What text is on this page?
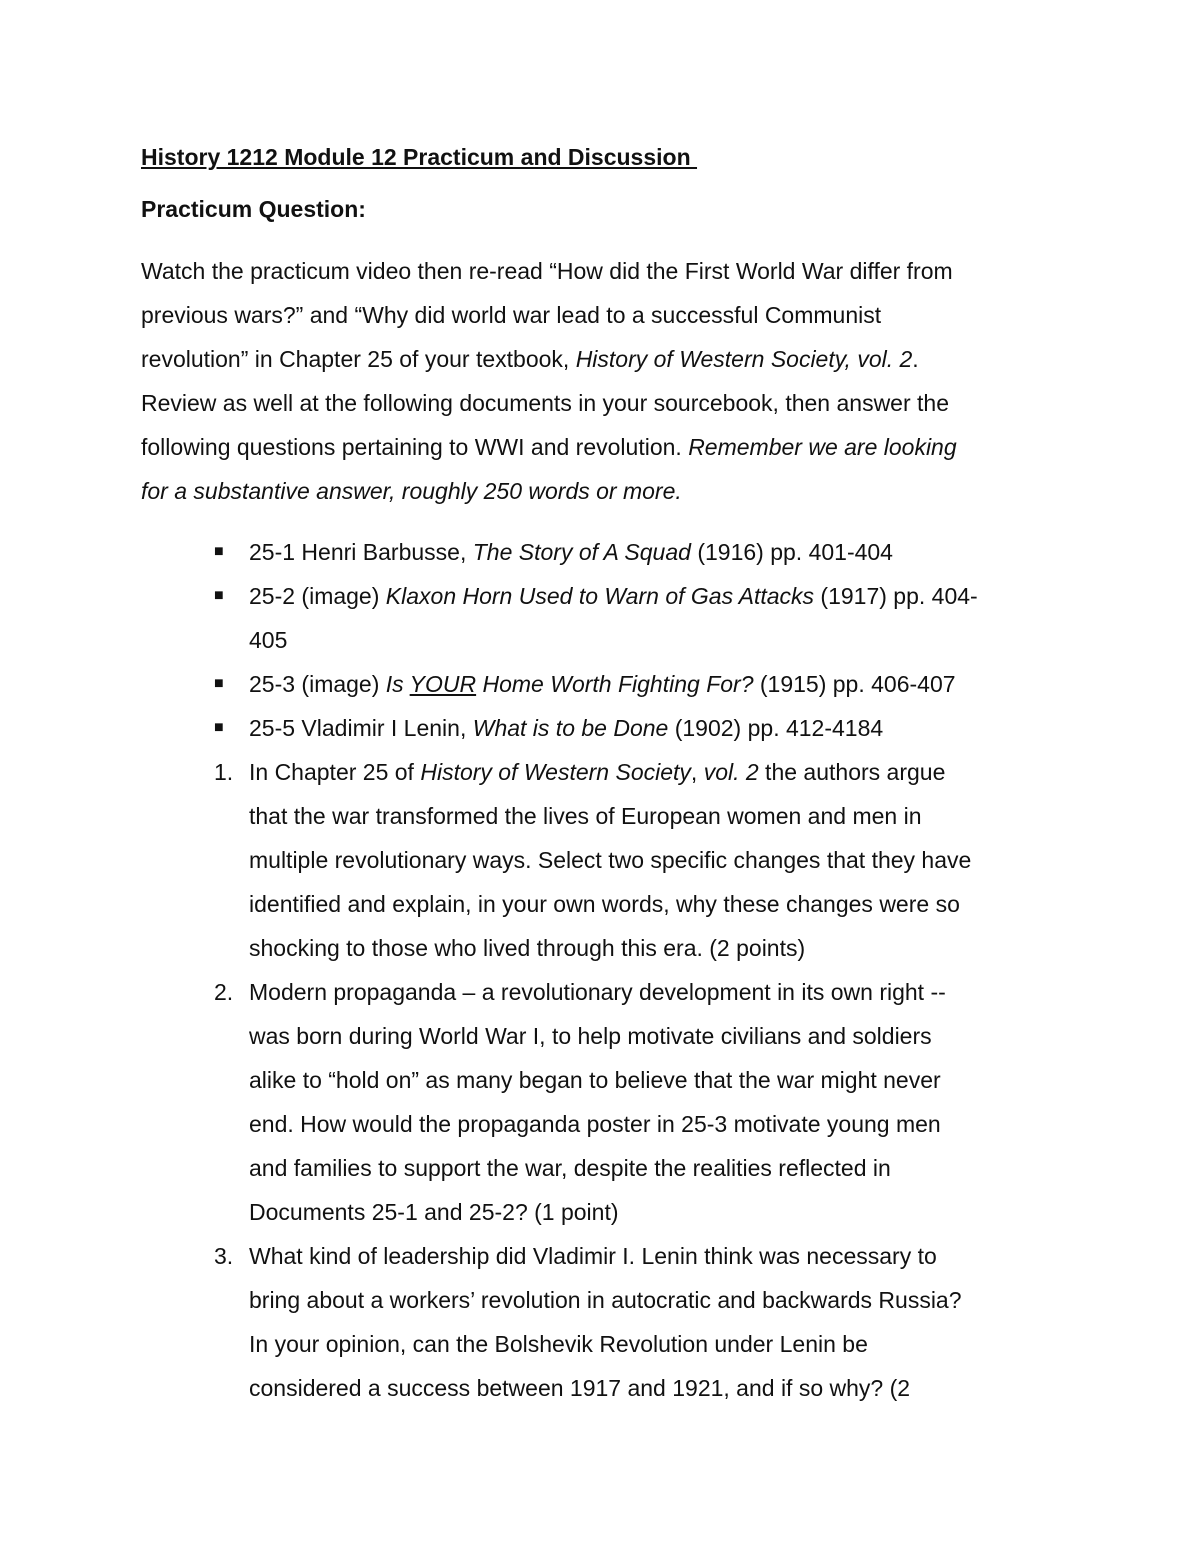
History 1212 Module 12 Practicum and Discussion
Practicum Question:
Watch the practicum video then re-read “How did the First World War differ from
previous wars?” and “Why did world war lead to a successful Communist
revolution” in Chapter 25 of your textbook, History of Western Society, vol. 2.
Review as well at the following documents in your sourcebook, then answer the
following questions pertaining to WWI and revolution. Remember we are looking
for a substantive answer, roughly 250 words or more.
■ 25-1 Henri Barbusse, The Story of A Squad (1916) pp. 401-404
■ 25-2 (image) Klaxon Horn Used to Warn of Gas Attacks (1917) pp. 404-
405
■ 25-3 (image) Is YOUR Home Worth Fighting For? (1915) pp. 406-407
■ 25-5 Vladimir I Lenin, What is to be Done (1902) pp. 412-4184
1. In Chapter 25 of History of Western Society, vol. 2 the authors argue
that the war transformed the lives of European women and men in
multiple revolutionary ways. Select two specific changes that they have
identified and explain, in your own words, why these changes were so
shocking to those who lived through this era. (2 points)
2. Modern propaganda – a revolutionary development in its own right --
was born during World War I, to help motivate civilians and soldiers
alike to “hold on” as many began to believe that the war might never
end. How would the propaganda poster in 25-3 motivate young men
and families to support the war, despite the realities reflected in
Documents 25-1 and 25-2? (1 point)
3. What kind of leadership did Vladimir I. Lenin think was necessary to
bring about a workers’ revolution in autocratic and backwards Russia?
In your opinion, can the Bolshevik Revolution under Lenin be
considered a success between 1917 and 1921, and if so why? (2
